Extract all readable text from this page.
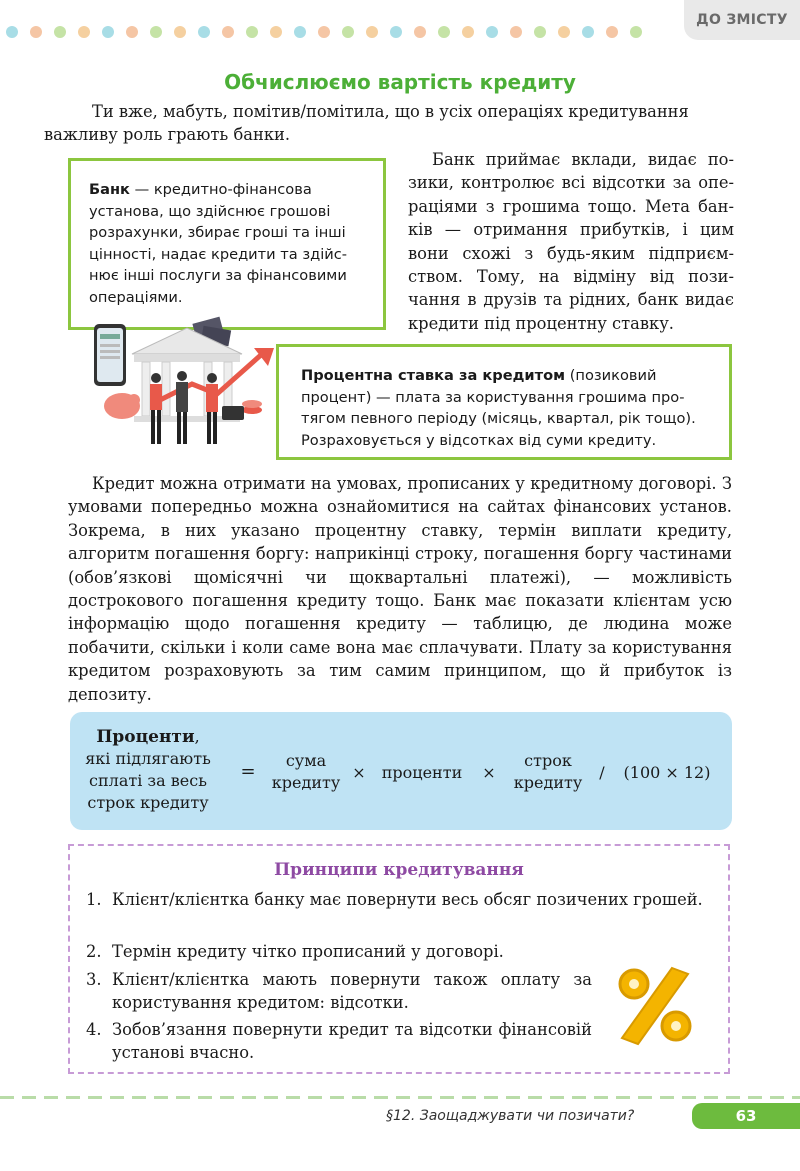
ДО ЗМІСТУ
Обчислюємо вартість кредиту
Ти вже, мабуть, помітив/помітила, що в усіх операціях кредитування
важливу роль грають банки.
Банк — кредитно-фінансова установа, що здійснює грошові розрахунки, збирає гроші та інші цінності, надає кредити та здійснює інші послуги за фінансовими операціями.
Банк приймає вклади, видає позики, контролює всі відсотки за операціями з грошима тощо. Мета банків — отримання прибутків, і цим вони схожі з будь-яким підприємством. Тому, на відміну від позичання в друзів та рідних, банк видає кредити під процентну ставку.
Процентна ставка за кредитом (позиковий процент) — плата за користування грошима протягом певного періоду (місяць, квартал, рік тощо). Розраховується у відсотках від суми кредиту.
Кредит можна отримати на умовах, прописаних у кредитному договорі. З умовами попередньо можна ознайомитися на сайтах фінансових установ. Зокрема, в них указано процентну ставку, термін виплати кредиту, алгоритм погашення боргу: наприкінці строку, погашення боргу частинами (обов’язкові щомісячні чи щоквартальні платежі), — можливість дострокового погашення кредиту тощо. Банк має показати клієнтам усю інформацію щодо погашення кредиту — таблицю, де людина може побачити, скільки і коли саме вона має сплачувати. Плату за користування кредитом розраховують за тим самим принципом, що й прибуток із депозиту.
Проценти,
які підлягають
сплаті за весь
строк кредиту
=
сума
кредиту
×	проценти	×
строк
кредиту
/	(100 × 12)
Принципи кредитування
1. Клієнт/клієнтка банку має повернути весь обсяг позичених грошей.
2. Термін кредиту чітко прописаний у договорі.
3. Клієнт/клієнтка мають повернути також оплату за користування кредитом: відсотки.
4. Зобов’язання повернути кредит та відсотки фінансовій установі вчасно.
§12. Заощаджувати чи позичати?	63
